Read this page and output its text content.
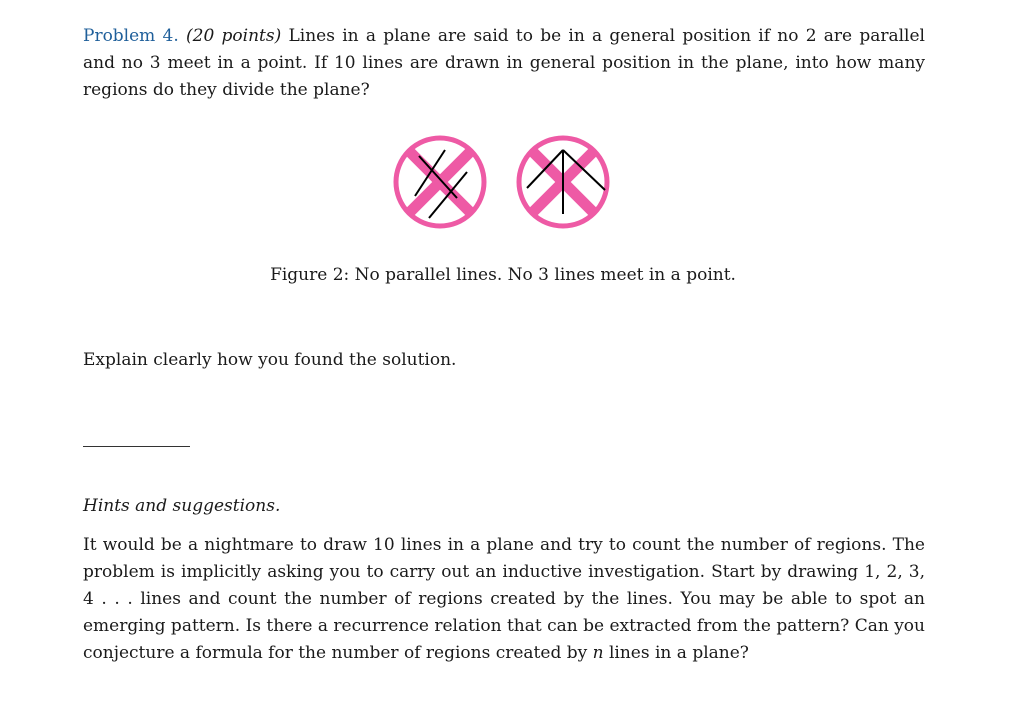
Problem 4. (20 points) Lines in a plane are said to be in a general position if no 2 are parallel and no 3 meet in a point. If 10 lines are drawn in general position in the plane, into how many regions do they divide the plane?

Figure 2: No parallel lines. No 3 lines meet in a point.

Explain clearly how you found the solution.

Hints and suggestions.

It would be a nightmare to draw 10 lines in a plane and try to count the number of regions. The problem is implicitly asking you to carry out an inductive investigation. Start by drawing 1, 2, 3, 4 . . . lines and count the number of regions created by the lines. You may be able to spot an emerging pattern. Is there a recurrence relation that can be extracted from the pattern? Can you conjecture a formula for the number of regions created by n lines in a plane?
